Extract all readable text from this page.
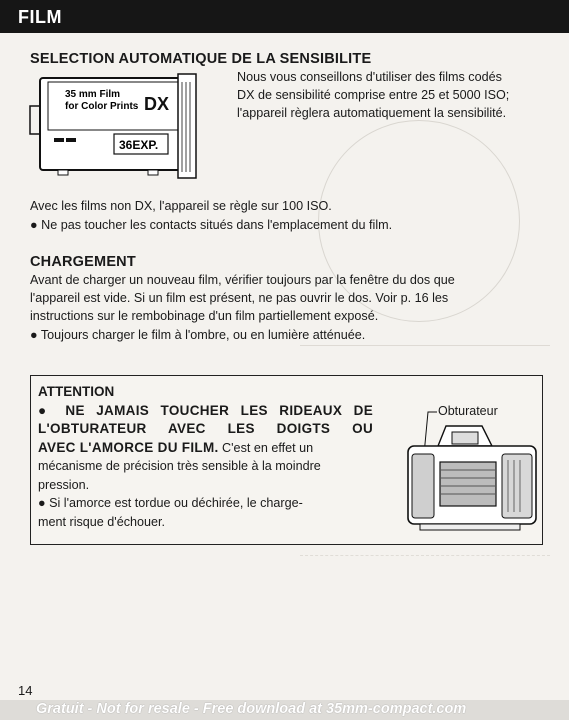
FILM
SELECTION AUTOMATIQUE DE LA SENSIBILITE
35 mm Film
for Color Prints DX
36EXP.
Nous vous conseillons d'utiliser des films codés
DX de sensibilité comprise entre 25 et 5000 ISO;
l'appareil règlera automatiquement la sensibilité.
Avec les films non DX, l'appareil se règle sur 100 ISO.
● Ne pas toucher les contacts situés dans l'emplacement du film.
CHARGEMENT
Avant de charger un nouveau film, vérifier toujours par la fenêtre du dos que
l'appareil est vide. Si un film est présent, ne pas ouvrir le dos. Voir p. 16 les
instructions sur le rembobinage d'un film partiellement exposé.
● Toujours charger le film à l'ombre, ou en lumière atténuée.
ATTENTION
● NE JAMAIS TOUCHER LES RIDEAUX DE
L'OBTURATEUR AVEC LES DOIGTS OU
AVEC L'AMORCE DU FILM. C'est en effet un
mécanisme de précision très sensible à la moindre
pression.
● Si l'amorce est tordue ou déchirée, le charge-
ment risque d'échouer.
Obturateur
14
Gratuit - Not for resale - Free download at 35mm-compact.com
